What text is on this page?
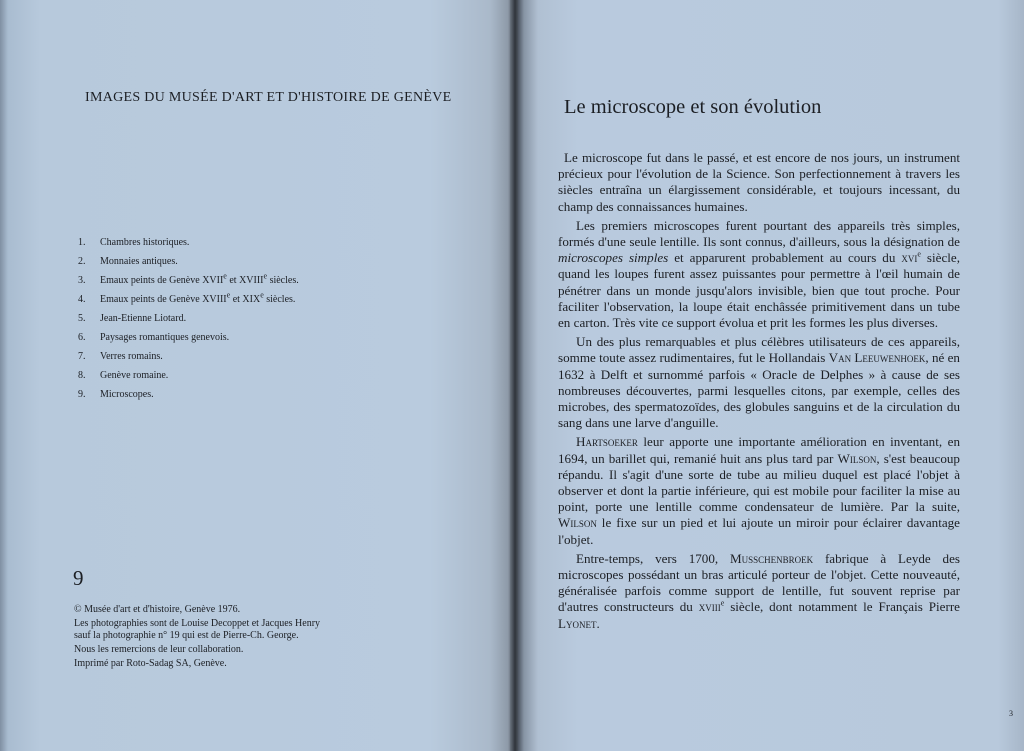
IMAGES DU MUSÉE D'ART ET D'HISTOIRE DE GENÈVE
1.	Chambres historiques.
2.	Monnaies antiques.
3.	Emaux peints de Genève XVIIe et XVIIIe siècles.
4.	Emaux peints de Genève XVIIIe et XIXe siècles.
5.	Jean-Etienne Liotard.
6.	Paysages romantiques genevois.
7.	Verres romains.
8.	Genève romaine.
9.	Microscopes.
9

© Musée d'art et d'histoire, Genève 1976.

Les photographies sont de Louise Decoppet et Jacques Henry
sauf la photographie n° 19 qui est de Pierre-Ch. George.

Nous les remercions de leur collaboration.

Imprimé par Roto-Sadag SA, Genève.

Le microscope et son évolution

Le microscope fut dans le passé, et est encore de nos jours, un instrument précieux pour l'évolution de la Science. Son perfectionnement à travers les siècles entraîna un élargissement considérable, et toujours incessant, du champ des connaissances humaines.

Les premiers microscopes furent pourtant des appareils très simples, formés d'une seule lentille. Ils sont connus, d'ailleurs, sous la désignation de microscopes simples et apparurent probablement au cours du xvi$^e$ siècle, quand les loupes furent assez puissantes pour permettre à l'œil humain de pénétrer dans un monde jusqu'alors invisible, bien que tout proche. Pour faciliter l'observation, la loupe était enchâssée primitivement dans un tube en carton. Très vite ce support évolua et prit les formes les plus diverses.

Un des plus remarquables et plus célèbres utilisateurs de ces appareils, somme toute assez rudimentaires, fut le Hollandais Van Leeuwenhoek, né en 1632 à Delft et surnommé parfois « Oracle de Delphes » à cause de ses nombreuses découvertes, parmi lesquelles citons, par exemple, celles des microbes, des spermatozoïdes, des globules sanguins et de la circulation du sang dans une larve d'anguille.

Hartsoeker leur apporte une importante amélioration en inventant, en 1694, un barillet qui, remanié huit ans plus tard par Wilson, s'est beaucoup répandu. Il s'agit d'une sorte de tube au milieu duquel est placé l'objet à observer et dont la partie inférieure, qui est mobile pour faciliter la mise au point, porte une lentille comme condensateur de lumière. Par la suite, Wilson le fixe sur un pied et lui ajoute un miroir pour éclairer davantage l'objet.

Entre-temps, vers 1700, Musschenbroek fabrique à Leyde des microscopes possédant un bras articulé porteur de l'objet. Cette nouveauté, généralisée parfois comme support de lentille, fut souvent reprise par d'autres constructeurs du xviii$^e$ siècle, dont notamment le Français Pierre Lyonet.

3
